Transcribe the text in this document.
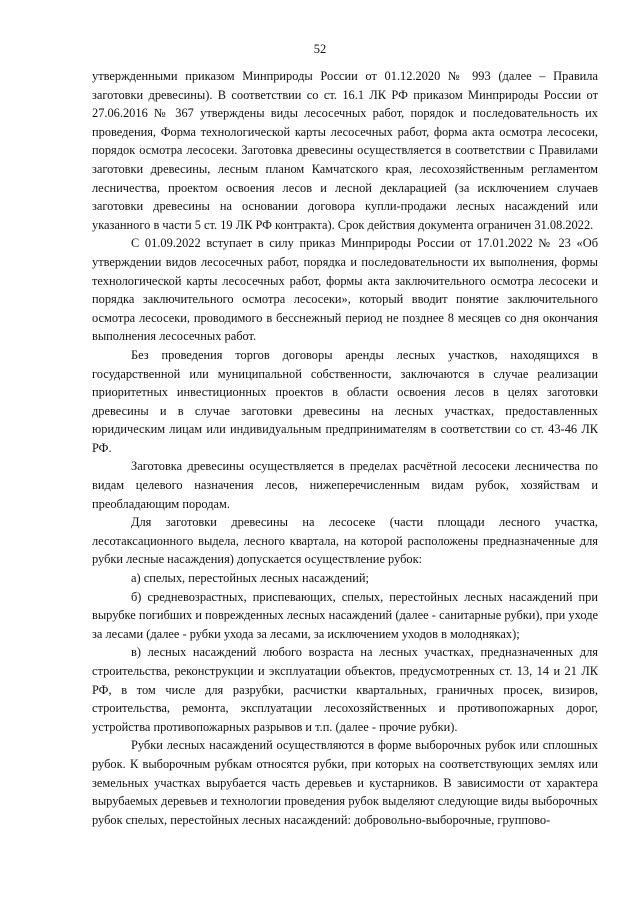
52

утвержденными приказом Минприроды России от 01.12.2020 № 993 (далее – Правила заготовки древесины). В соответствии со ст. 16.1 ЛК РФ приказом Минприроды России от 27.06.2016 № 367 утверждены виды лесосечных работ, порядок и последовательность их проведения, Форма технологической карты лесосечных работ, форма акта осмотра лесосеки, порядок осмотра лесосеки. Заготовка древесины осуществляется в соответствии с Правилами заготовки древесины, лесным планом Камчатского края, лесохозяйственным регламентом лесничества, проектом освоения лесов и лесной декларацией (за исключением случаев заготовки древесины на основании договора купли-продажи лесных насаждений или указанного в части 5 ст. 19 ЛК РФ контракта). Срок действия документа ограничен 31.08.2022.

С 01.09.2022 вступает в силу приказ Минприроды России от 17.01.2022 № 23 «Об утверждении видов лесосечных работ, порядка и последовательности их выполнения, формы технологической карты лесосечных работ, формы акта заключительного осмотра лесосеки и порядка заключительного осмотра лесосеки», который вводит понятие заключительного осмотра лесосеки, проводимого в бесснежный период не позднее 8 месяцев со дня окончания выполнения лесосечных работ.

Без проведения торгов договоры аренды лесных участков, находящихся в государственной или муниципальной собственности, заключаются в случае реализации приоритетных инвестиционных проектов в области освоения лесов в целях заготовки древесины и в случае заготовки древесины на лесных участках, предоставленных юридическим лицам или индивидуальным предпринимателям в соответствии со ст. 43-46 ЛК РФ.

Заготовка древесины осуществляется в пределах расчётной лесосеки лесничества по видам целевого назначения лесов, нижеперечисленным видам рубок, хозяйствам и преобладающим породам.

Для заготовки древесины на лесосеке (части площади лесного участка, лесотаксационного выдела, лесного квартала, на которой расположены предназначенные для рубки лесные насаждения) допускается осуществление рубок:

а) спелых, перестойных лесных насаждений;

б) средневозрастных, приспевающих, спелых, перестойных лесных насаждений при вырубке погибших и поврежденных лесных насаждений (далее - санитарные рубки), при уходе за лесами (далее - рубки ухода за лесами, за исключением уходов в молодняках);

в) лесных насаждений любого возраста на лесных участках, предназначенных для строительства, реконструкции и эксплуатации объектов, предусмотренных ст. 13, 14 и 21 ЛК РФ, в том числе для разрубки, расчистки квартальных, граничных просек, визиров, строительства, ремонта, эксплуатации лесохозяйственных и противопожарных дорог, устройства противопожарных разрывов и т.п. (далее - прочие рубки).

Рубки лесных насаждений осуществляются в форме выборочных рубок или сплошных рубок. К выборочным рубкам относятся рубки, при которых на соответствующих землях или земельных участках вырубается часть деревьев и кустарников. В зависимости от характера вырубаемых деревьев и технологии проведения рубок выделяют следующие виды выборочных рубок спелых, перестойных лесных насаждений: добровольно-выборочные, группово-
